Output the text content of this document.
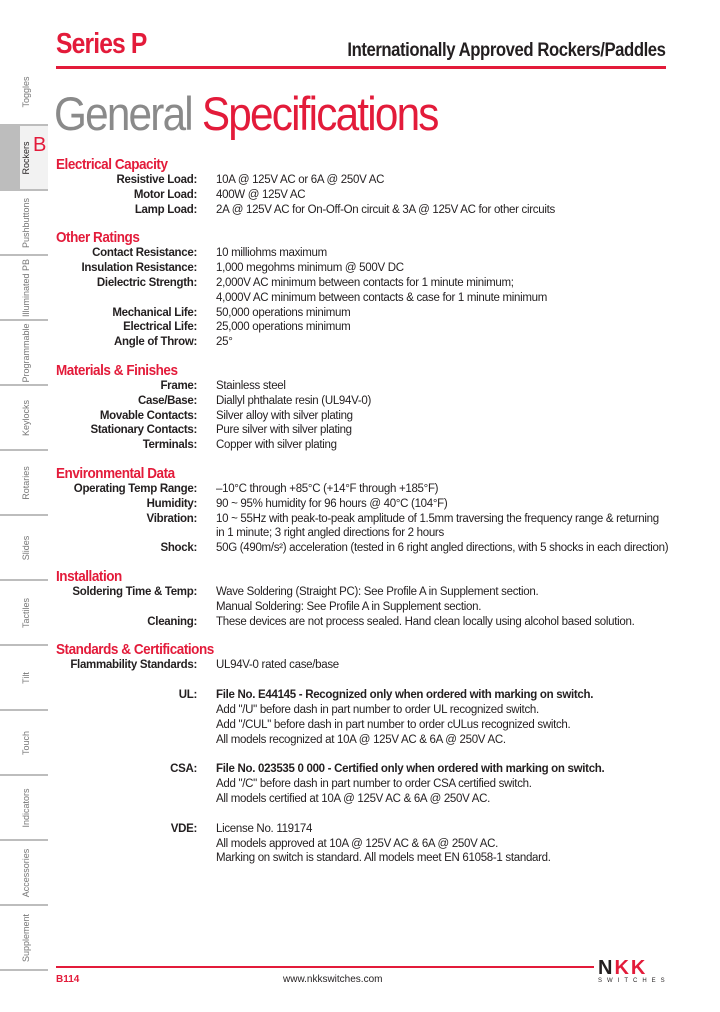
Series P	Internationally Approved Rockers/Paddles
General Specifications
Toggles
B
Rockers
Pushbuttons
Illuminated PB
Programmable
Keylocks
Rotaries
Slides
Tactiles
Tilt
Touch
Indicators
Accessories
Supplement
Electrical Capacity
Resistive Load:	10A @ 125V AC or 6A @ 250V AC
Motor Load:	400W @ 125V AC
Lamp Load:	2A @ 125V AC for On-Off-On circuit & 3A @ 125V AC for other circuits
Other Ratings
Contact Resistance:	10 milliohms maximum
Insulation Resistance:	1,000 megohms minimum @ 500V DC
Dielectric Strength:	2,000V AC minimum between contacts for 1 minute minimum;
4,000V AC minimum between contacts & case for 1 minute minimum
Mechanical Life:	50,000 operations minimum
Electrical Life:	25,000 operations minimum
Angle of Throw:	25°
Materials & Finishes
Frame:	Stainless steel
Case/Base:	Diallyl phthalate resin (UL94V-0)
Movable Contacts:	Silver alloy with silver plating
Stationary Contacts:	Pure silver with silver plating
Terminals:	Copper with silver plating
Environmental Data
Operating Temp Range:	–10°C through +85°C (+14°F through +185°F)
Humidity:	90 ~ 95% humidity for 96 hours @ 40°C (104°F)
Vibration:	10 ~ 55Hz with peak-to-peak amplitude of 1.5mm traversing the frequency range & returning
in 1 minute; 3 right angled directions for 2 hours
Shock:	50G (490m/s²) acceleration (tested in 6 right angled directions, with 5 shocks in each direction)
Installation
Soldering Time & Temp:	Wave Soldering (Straight PC): See Profile A in Supplement section.
Manual Soldering: See Profile A in Supplement section.
Cleaning:	These devices are not process sealed. Hand clean locally using alcohol based solution.
Standards & Certifications
Flammability Standards:	UL94V-0 rated case/base
UL:	File No. E44145 - Recognized only when ordered with marking on switch.
Add "/U" before dash in part number to order UL recognized switch.
Add "/CUL" before dash in part number to order cULus recognized switch.
All models recognized at 10A @ 125V AC & 6A @ 250V AC.
CSA:	File No. 023535 0 000 - Certified only when ordered with marking on switch.
Add "/C" before dash in part number to order CSA certified switch.
All models certified at 10A @ 125V AC & 6A @ 250V AC.
VDE:	License No. 119174
All models approved at 10A @ 125V AC & 6A @ 250V AC.
Marking on switch is standard. All models meet EN 61058-1 standard.
B114	www.nkkswitches.com
NKK
SWITCHES
